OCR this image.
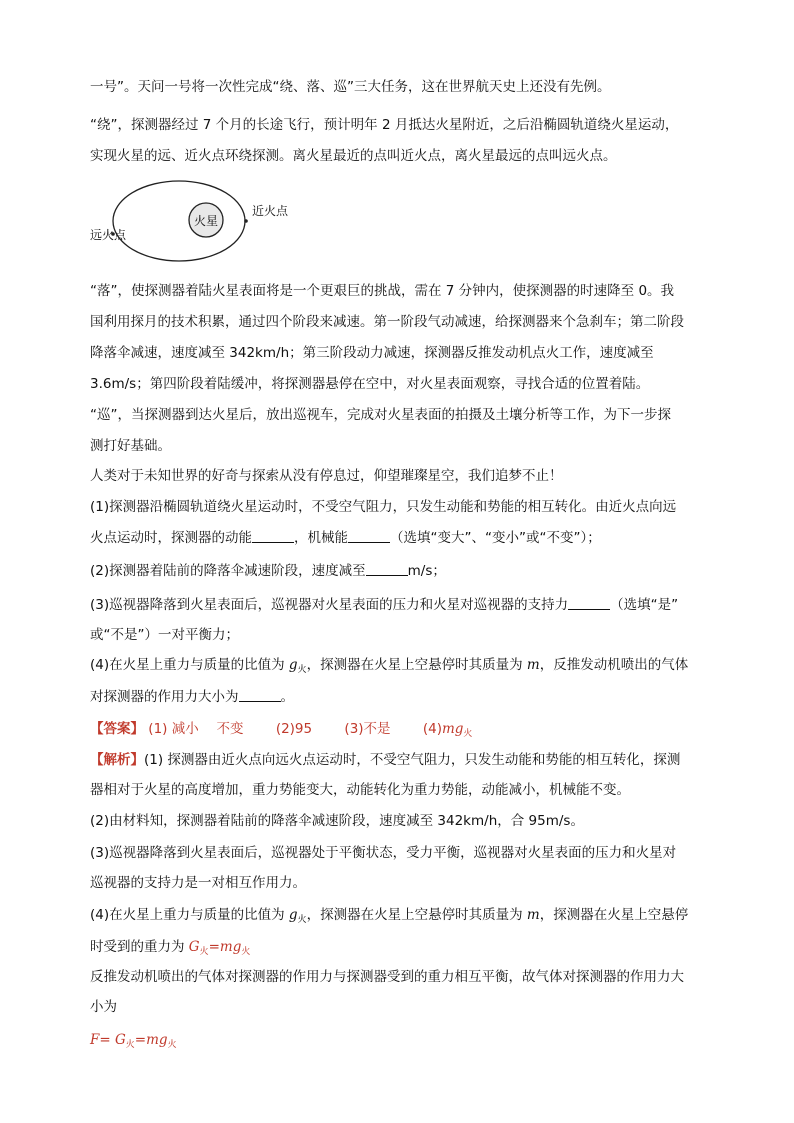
一号”。天问一号将一次性完成“绕、落、巡”三大任务，这在世界航天史上还没有先例。
“绕”，探测器经过 7 个月的长途飞行，预计明年 2 月抵达火星附近，之后沿椭圆轨道绕火星运动，
实现火星的远、近火点环绕探测。离火星最近的点叫近火点，离火星最远的点叫远火点。
火星
近火点
远火点
“落”，使探测器着陆火星表面将是一个更艰巨的挑战，需在 7 分钟内，使探测器的时速降至 0。我
国利用探月的技术积累，通过四个阶段来减速。第一阶段气动减速，给探测器来个急刹车；第二阶段
降落伞减速，速度减至 342km/h；第三阶段动力减速，探测器反推发动机点火工作，速度减至
3.6m/s；第四阶段着陆缓冲，将探测器悬停在空中，对火星表面观察，寻找合适的位置着陆。
“巡”，当探测器到达火星后，放出巡视车，完成对火星表面的拍摄及土壤分析等工作，为下一步探
测打好基础。
人类对于未知世界的好奇与探索从没有停息过，仰望璀璨星空，我们追梦不止！
(1)探测器沿椭圆轨道绕火星运动时，不受空气阻力，只发生动能和势能的相互转化。由近火点向远
火点运动时，探测器的动能	，机械能	（选填“变大”、“变小”或“不变”）；
(2)探测器着陆前的降落伞减速阶段，速度减至	m/s；
(3)巡视器降落到火星表面后，巡视器对火星表面的压力和火星对巡视器的支持力	（选填“是”
或“不是”）一对平衡力；
(4)在火星上重力与质量的比值为 $g_火$，探测器在火星上空悬停时其质量为 m，反推发动机喷出的气体
对探测器的作用力大小为	。
【答案】 (1) 减小　 不变 (2)95 (3)不是 $(4)mg_火$
【解析】(1) 探测器由近火点向远火点运动时，不受空气阻力，只发生动能和势能的相互转化，探测
器相对于火星的高度增加，重力势能变大，动能转化为重力势能，动能减小，机械能不变。
(2)由材料知，探测器着陆前的降落伞减速阶段，速度减至 342km/h，合 95m/s。
(3)巡视器降落到火星表面后，巡视器处于平衡状态，受力平衡，巡视器对火星表面的压力和火星对
巡视器的支持力是一对相互作用力。
(4)在火星上重力与质量的比值为 $g_火$，探测器在火星上空悬停时其质量为 m，探测器在火星上空悬停
时受到的重力为 $G_火=mg_火$
反推发动机喷出的气体对探测器的作用力与探测器受到的重力相互平衡，故气体对探测器的作用力大
小为
$F= G_火=mg_火$
